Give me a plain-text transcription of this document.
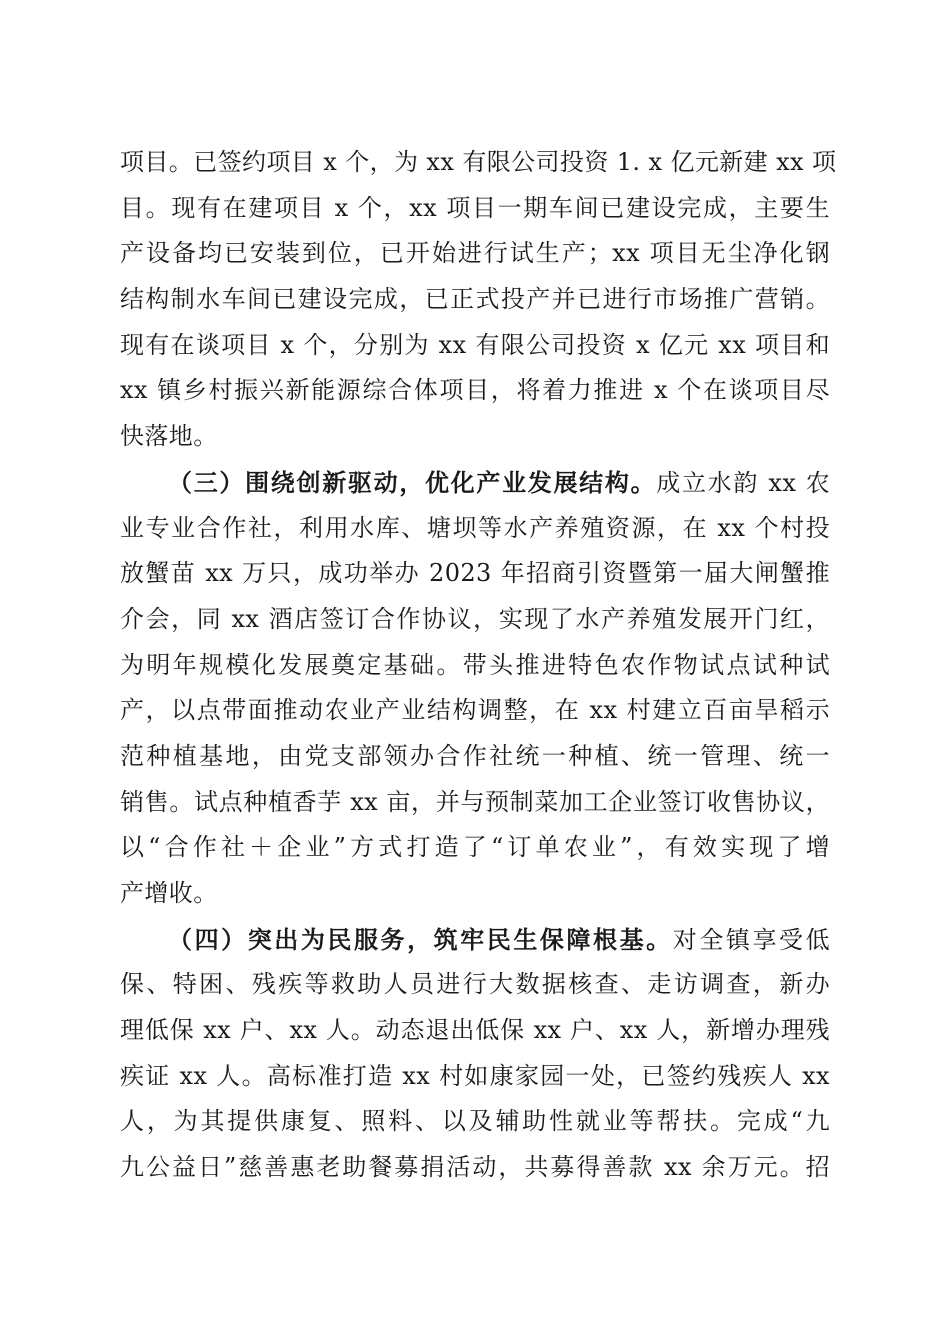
项目。已签约项目 x 个，为 xx 有限公司投资 1. x 亿元新建 xx 项
目。现有在建项目 x 个，xx 项目一期车间已建设完成，主要生
产设备均已安装到位，已开始进行试生产；xx 项目无尘净化钢
结构制水车间已建设完成，已正式投产并已进行市场推广营销。
现有在谈项目 x 个，分别为 xx 有限公司投资 x 亿元 xx 项目和
xx 镇乡村振兴新能源综合体项目，将着力推进 x 个在谈项目尽
快落地。
（三）围绕创新驱动，优化产业发展结构。成立水韵 xx 农
业专业合作社，利用水库、塘坝等水产养殖资源，在 xx 个村投
放蟹苗 xx 万只，成功举办 2023 年招商引资暨第一届大闸蟹推
介会，同 xx 酒店签订合作协议，实现了水产养殖发展开门红，
为明年规模化发展奠定基础。带头推进特色农作物试点试种试
产，以点带面推动农业产业结构调整，在 xx 村建立百亩旱稻示
范种植基地，由党支部领办合作社统一种植、统一管理、统一
销售。试点种植香芋 xx 亩，并与预制菜加工企业签订收售协议，
以“合作社＋企业”方式打造了“订单农业”，有效实现了增
产增收。
（四）突出为民服务，筑牢民生保障根基。对全镇享受低
保、特困、残疾等救助人员进行大数据核查、走访调查，新办
理低保 xx 户、xx 人。动态退出低保 xx 户、xx 人，新增办理残
疾证 xx 人。高标准打造 xx 村如康家园一处，已签约残疾人 xx
人，为其提供康复、照料、以及辅助性就业等帮扶。完成“九
九公益日”慈善惠老助餐募捐活动，共募得善款 xx 余万元。招
